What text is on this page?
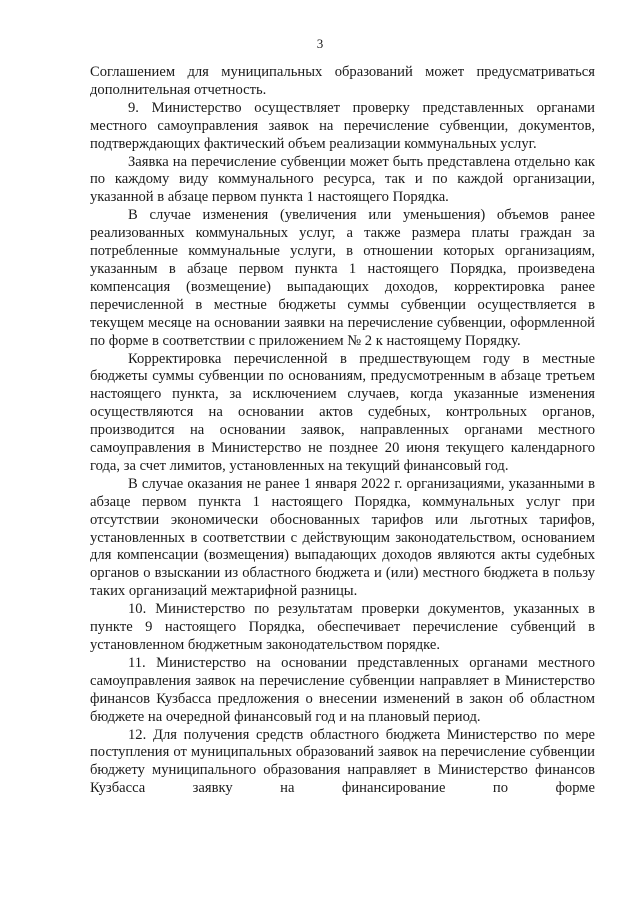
3

Соглашением для муниципальных образований может предусматриваться дополнительная отчетность.

9. Министерство осуществляет проверку представленных органами местного самоуправления заявок на перечисление субвенции, документов, подтверждающих фактический объем реализации коммунальных услуг.

Заявка на перечисление субвенции может быть представлена отдельно как по каждому виду коммунального ресурса, так и по каждой организации, указанной в абзаце первом пункта 1 настоящего Порядка.

В случае изменения (увеличения или уменьшения) объемов ранее реализованных коммунальных услуг, а также размера платы граждан за потребленные коммунальные услуги, в отношении которых организациям, указанным в абзаце первом пункта 1 настоящего Порядка, произведена компенсация (возмещение) выпадающих доходов, корректировка ранее перечисленной в местные бюджеты суммы субвенции осуществляется в текущем месяце на основании заявки на перечисление субвенции, оформленной по форме в соответствии с приложением № 2 к настоящему Порядку.

Корректировка перечисленной в предшествующем году в местные бюджеты суммы субвенции по основаниям, предусмотренным в абзаце третьем настоящего пункта, за исключением случаев, когда указанные изменения осуществляются на основании актов судебных, контрольных органов, производится на основании заявок, направленных органами местного самоуправления в Министерство не позднее 20 июня текущего календарного года, за счет лимитов, установленных на текущий финансовый год.

В случае оказания не ранее 1 января 2022 г. организациями, указанными в абзаце первом пункта 1 настоящего Порядка, коммунальных услуг при отсутствии экономически обоснованных тарифов или льготных тарифов, установленных в соответствии с действующим законодательством, основанием для компенсации (возмещения) выпадающих доходов являются акты судебных органов о взыскании из областного бюджета и (или) местного бюджета в пользу таких организаций межтарифной разницы.

10. Министерство по результатам проверки документов, указанных в пункте 9 настоящего Порядка, обеспечивает перечисление субвенций в установленном бюджетным законодательством порядке.

11. Министерство на основании представленных органами местного самоуправления заявок на перечисление субвенции направляет в Министерство финансов Кузбасса предложения о внесении изменений в закон об областном бюджете на очередной финансовый год и на плановый период.

12. Для получения средств областного бюджета Министерство по мере поступления от муниципальных образований заявок на перечисление субвенции бюджету муниципального образования направляет в Министерство финансов Кузбасса заявку на финансирование по форме
